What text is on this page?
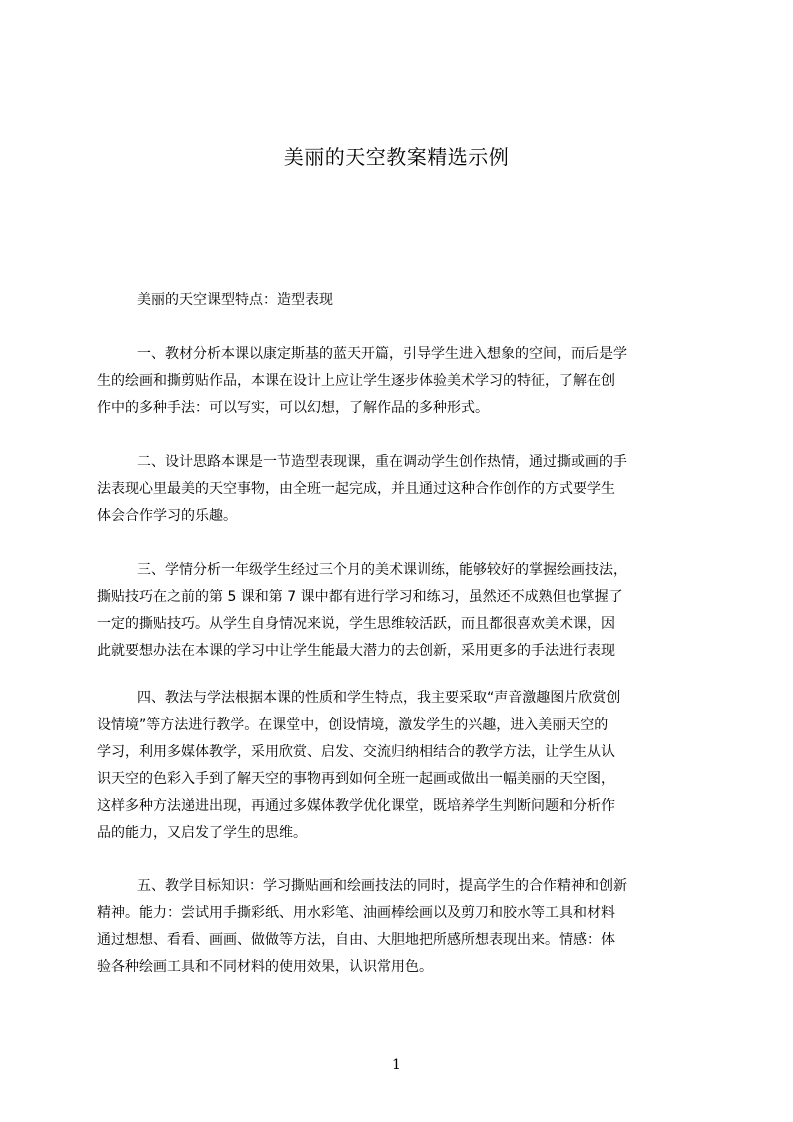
美丽的天空教案精选示例
美丽的天空课型特点：造型表现
一、教材分析本课以康定斯基的蓝天开篇，引导学生进入想象的空间，而后是学
生的绘画和撕剪贴作品，本课在设计上应让学生逐步体验美术学习的特征，了解在创
作中的多种手法：可以写实，可以幻想，了解作品的多种形式。
二、设计思路本课是一节造型表现课，重在调动学生创作热情，通过撕或画的手
法表现心里最美的天空事物，由全班一起完成，并且通过这种合作创作的方式要学生
体会合作学习的乐趣。
三、学情分析一年级学生经过三个月的美术课训练，能够较好的掌握绘画技法，
撕贴技巧在之前的第 5 课和第 7 课中都有进行学习和练习，虽然还不成熟但也掌握了
一定的撕贴技巧。从学生自身情况来说，学生思维较活跃，而且都很喜欢美术课，因
此就要想办法在本课的学习中让学生能最大潜力的去创新，采用更多的手法进行表现
四、教法与学法根据本课的性质和学生特点，我主要采取“声音激趣图片欣赏创
设情境”等方法进行教学。在课堂中，创设情境，激发学生的兴趣，进入美丽天空的
学习，利用多媒体教学，采用欣赏、启发、交流归纳相结合的教学方法，让学生从认
识天空的色彩入手到了解天空的事物再到如何全班一起画或做出一幅美丽的天空图，
这样多种方法递进出现，再通过多媒体教学优化课堂，既培养学生判断问题和分析作
品的能力，又启发了学生的思维。
五、教学目标知识：学习撕贴画和绘画技法的同时，提高学生的合作精神和创新
精神。能力：尝试用手撕彩纸、用水彩笔、油画棒绘画以及剪刀和胶水等工具和材料
通过想想、看看、画画、做做等方法，自由、大胆地把所感所想表现出来。情感：体
验各种绘画工具和不同材料的使用效果，认识常用色。
1
